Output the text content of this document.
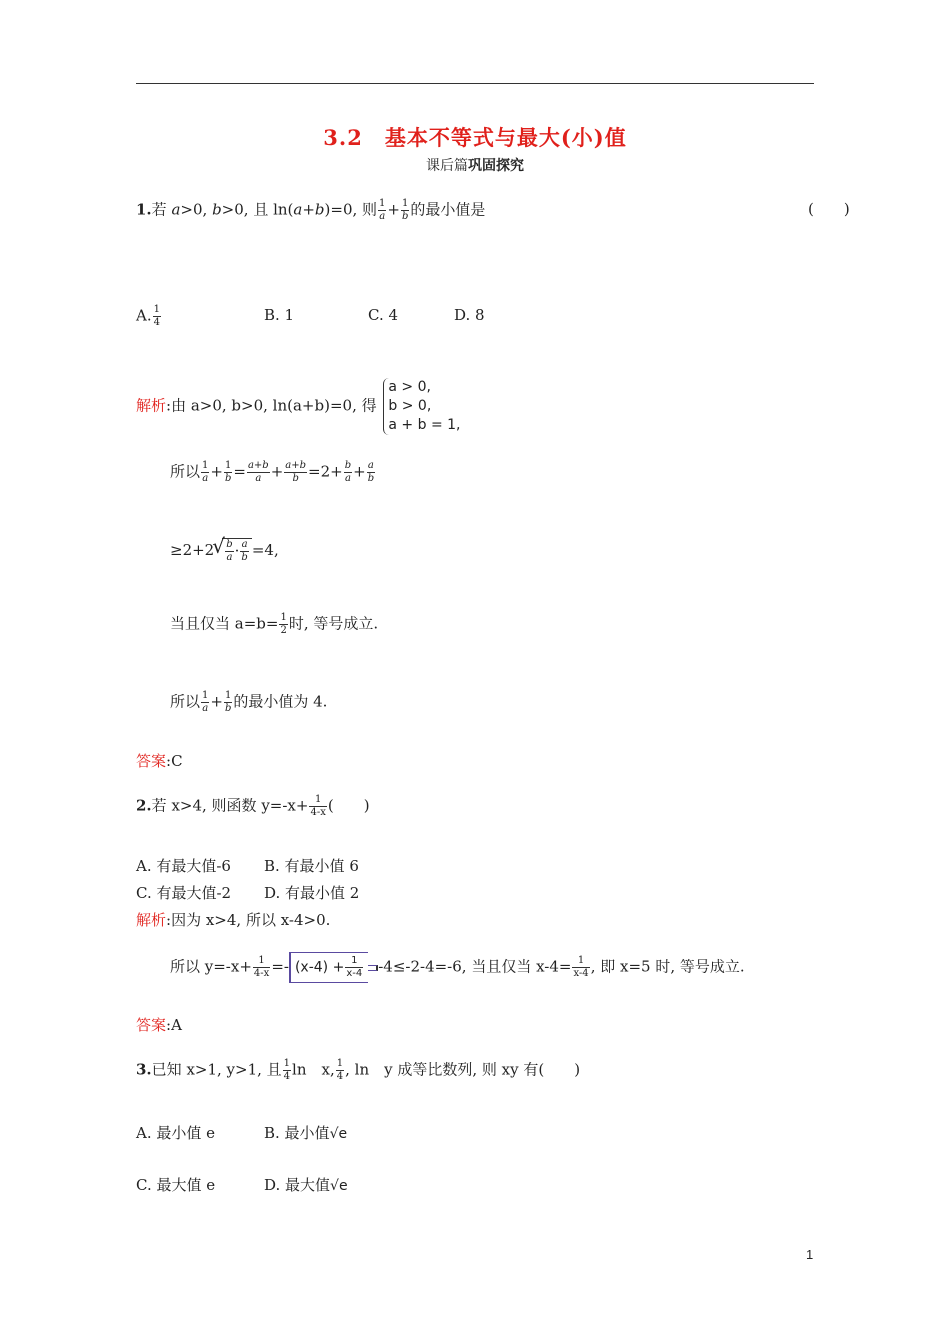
3.2　基本不等式与最大(小)值
课后篇巩固探究
1.若 a>0, b>0, 且 ln(a+b)=0, 则 $\frac{1}{a} + \frac{1}{b}$ 的最小值是	(　　)
A. $\frac{1}{4}$	B. 1	C. 4	D. 8
解析:由 a>0, b>0, ln(a+b)=0, 得
a > 0,
b > 0,
a + b = 1,
所以 $\frac{1}{a} + \frac{1}{b} = \frac{a+b}{a} + \frac{a+b}{b} =2+ \frac{b}{a} + \frac{a}{b}$
≥2+2
√ $\frac{b}{a} \cdot \frac{a}{b} =4$,
当且仅当 $a=b= \frac{1}{2}$ 时, 等号成立.
所以 $\frac{1}{a} + \frac{1}{b}$ 的最小值为 4.
答案:C
2.若 x>4, 则函数 $y=-x+ \frac{1}{4-x}$ (　　)
A. 有最大值-6 B. 有最小值 6
C. 有最大值-2 D. 有最小值 2
解析:因为 x>4, 所以 x-4>0.
所以 $y=-x+ \frac{1}{4-x} =- (x-4) + \frac{1}{x-4} -4\le-2-4=-6$, 当且仅当 $x-4= \frac{1}{x-4}$ , 即 x=5 时, 等号成立.
答案:A
3.已知 x>1, y>1, 且 $\frac{1}{4}$ ln　x, $\frac{1}{4}$ , ln　y 成等比数列, 则 xy 有(　　)
A. 最小值 e	B. 最小值√e
C. 最大值 e	D. 最大值√e
1
